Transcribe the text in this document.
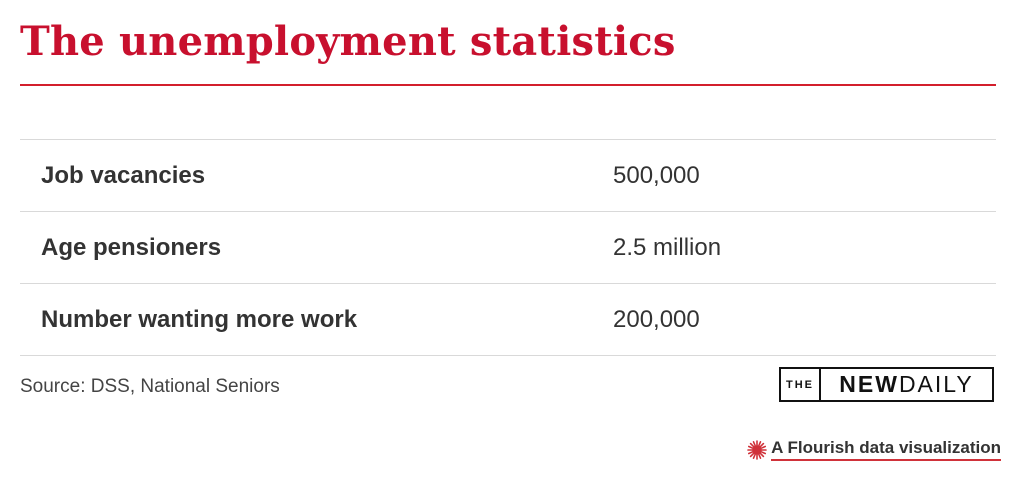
The unemployment statistics
Job vacancies	500,000
Age pensioners	2.5 million
Number wanting more work	200,000
Source: DSS, National Seniors	THE	NEW DAILY
A Flourish data visualization
